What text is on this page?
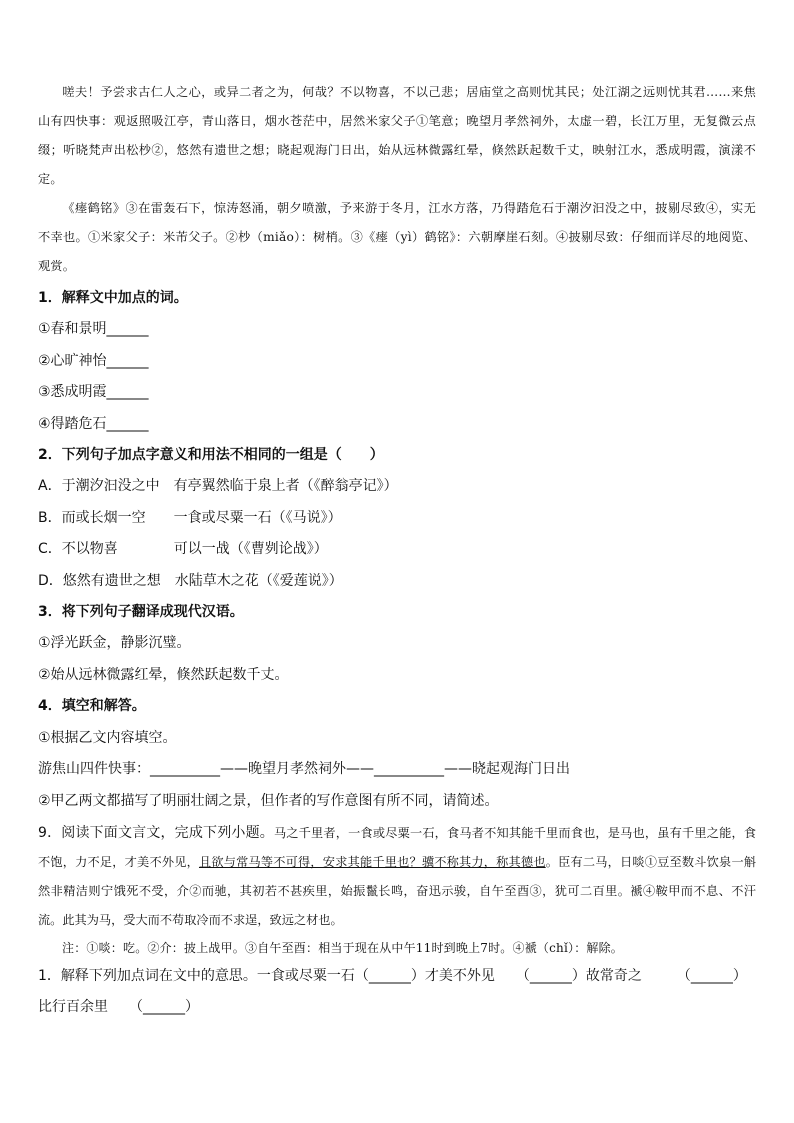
嗟夫！予尝求古仁人之心，或异二者之为，何哉？不以物喜，不以己悲；居庙堂之高则忧其民；处江湖之远则忧其君……来焦山有四快事：观返照吸江亭，青山落日，烟水苍茫中，居然米家父子①笔意；晚望月孝然祠外，太虚一碧，长江万里，无复微云点缀；听晓梵声出松杪②，悠然有遗世之想；晓起观海门日出，始从远林微露红晕，倏然跃起数千丈，映射江水，悉成明霞，演漾不定。

《瘗鹤铭》③在雷轰石下，惊涛怒涌，朝夕喷激，予来游于冬月，江水方落，乃得踏危石于潮汐汩没之中，披剔尽致④，实无不幸也。①米家父子：米芾父子。②杪（miǎo）：树梢。③《瘗（yì）鹤铭》：六朝摩崖石刻。④披剔尽致：仔细而详尽的地阅览、观赏。

1．解释文中加点的词。

①春和景明______

②心旷神怡______

③悉成明霞______

④得踏危石______

2．下列句子加点字意义和用法不相同的一组是（　　）

A．于潮汐汩没之中　有亭翼然临于泉上者（《醉翁亭记》）

B．而或长烟一空　　一食或尽粟一石（《马说》）

C．不以物喜　　　　可以一战（《曹刿论战》）

D．悠然有遗世之想　水陆草木之花（《爱莲说》）

3．将下列句子翻译成现代汉语。

①浮光跃金，静影沉璧。

②始从远林微露红晕，倏然跃起数千丈。

4．填空和解答。

①根据乙文内容填空。

游焦山四件快事：__________——晚望月孝然祠外——__________——晓起观海门日出

②甲乙两文都描写了明丽壮阔之景，但作者的写作意图有所不同，请简述。

9．阅读下面文言文，完成下列小题。马之千里者，一食或尽粟一石，食马者不知其能千里而食也，是马也，虽有千里之能，食不饱，力不足，才美不外见，且欲与常马等不可得，安求其能千里也？骥不称其力，称其德也。臣有二马，日啖①豆至数斗饮泉一斛然非精洁则宁饿死不受，介②而驰，其初若不甚疾里，始振鬣长鸣，奋迅示骏，自午至酉③，犹可二百里。褫④鞍甲而不息、不汗流。此其为马，受大而不苟取冷而不求逞，致远之材也。

注：①啖：吃。②介：披上战甲。③自午至酉：相当于现在从中午11时到晚上7时。④褫（chǐ）：解除。

1．解释下列加点词在文中的意思。一食或尽粟一石（______）才美不外见　　（______）故常奇之　　　（______）

比行百余里　　（______）
